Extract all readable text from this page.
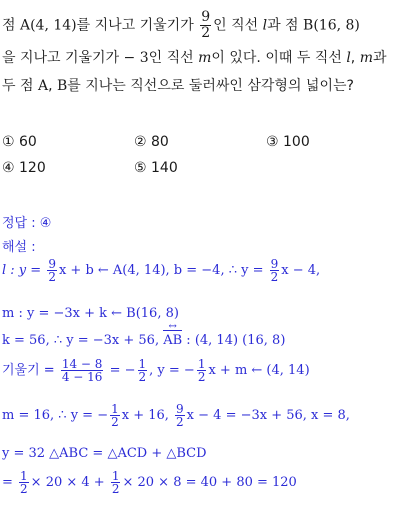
점 A(4, 14)를 지나고 기울기가 $\frac{9}{2}$ 인 직선 l과 점 B(16, 8)
을 지나고 기울기가 − 3인 직선 m이 있다. 이때 두 직선 l, m과
두 점 A, B를 지나는 직선으로 둘러싸인 삼각형의 넓이는?
① 60	② 80	③ 100
④ 120	⑤ 140
정답 : ④
해설 :
l : $y = \frac{9}{2}$ x + b ← A(4, 14), b = −4, ∴ $y = \frac{9}{2}$ x − 4,
m : y = −3x + k ← B(16, 8)
k = 56, ∴ y = −3x + 56, AB ↔ : (4, 14) (16, 8)
기울기 = $\frac{14 - 8}{4 - 16}$ = − $\frac{1}{2}$ , y = − $\frac{1}{2}$ x + m ← (4, 14)
m = 16, ∴ y = − $\frac{1}{2}$ x + 16, $\frac{9}{2}$ x − 4 = −3x + 56, x = 8,
y = 32 △ABC = △ACD + △BCD
= $\frac{1}{2} \times 20 \times 4 + \frac{1}{2} \times 20 \times 8 = 40 + 80 = 120$
